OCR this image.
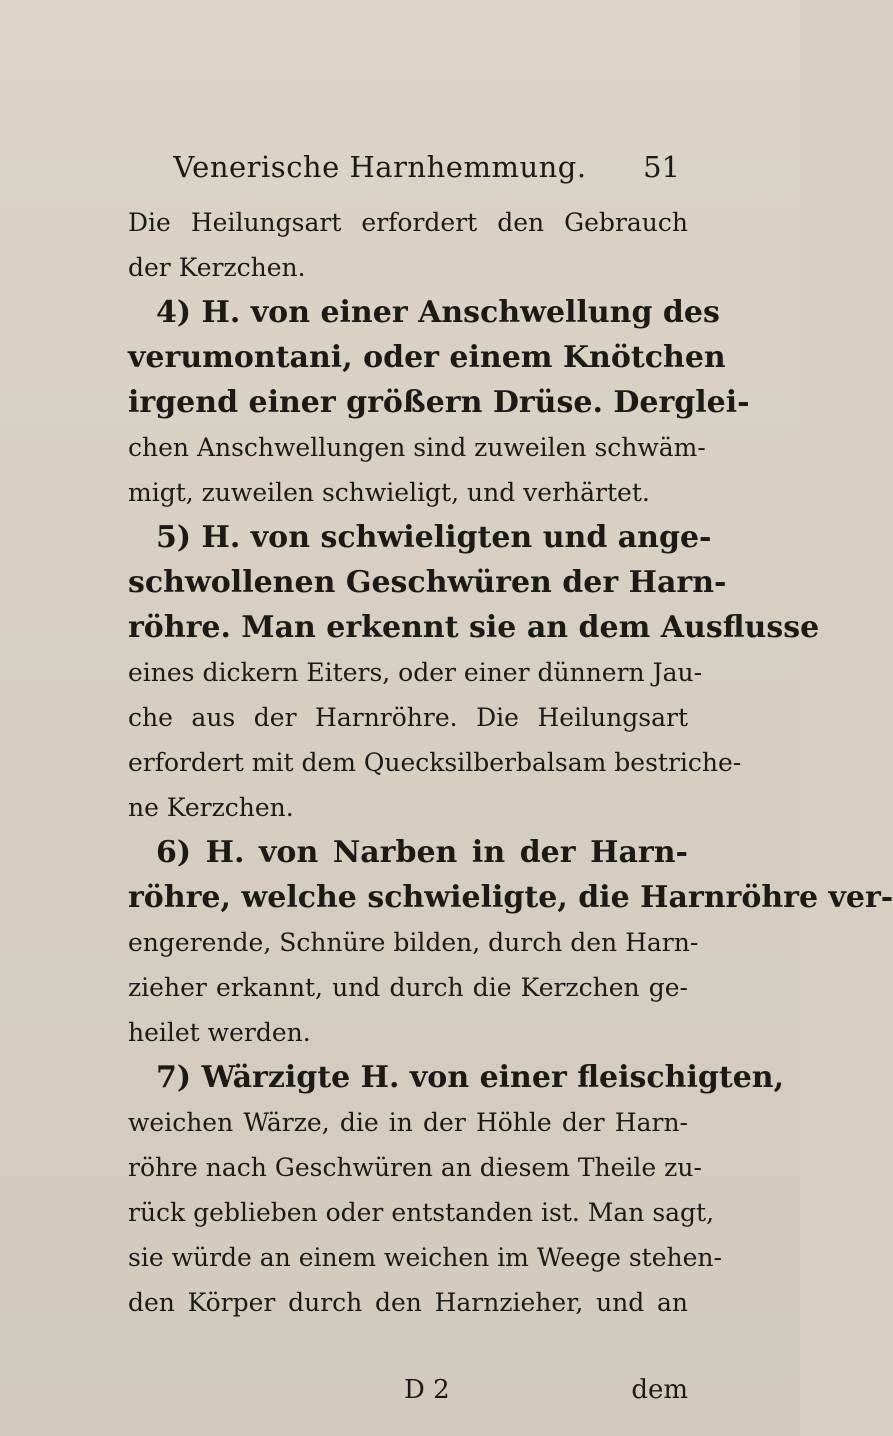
Venerische Harnhemmung.	51
Die Heilungsart erfordert den Gebrauch
der Kerzchen.
4) H. von einer Anschwellung des
verumontani, oder einem Knötchen
irgend einer größern Drüse. Derglei-
chen Anschwellungen sind zuweilen schwäm-
migt, zuweilen schwieligt, und verhärtet.
5) H. von schwieligten und ange-
schwollenen Geschwüren der Harn-
röhre. Man erkennt sie an dem Ausflusse
eines dickern Eiters, oder einer dünnern Jau-
che aus der Harnröhre. Die Heilungsart
erfordert mit dem Quecksilberbalsam bestriche-
ne Kerzchen.
6) H. von Narben in der Harn-
röhre, welche schwieligte, die Harnröhre ver-
engerende, Schnüre bilden, durch den Harn-
zieher erkannt, und durch die Kerzchen ge-
heilet werden.
7) Wärzigte H. von einer fleischigten,
weichen Wärze, die in der Höhle der Harn-
röhre nach Geschwüren an diesem Theile zu-
rück geblieben oder entstanden ist. Man sagt,
sie würde an einem weichen im Weege stehen-
den Körper durch den Harnzieher, und an
D 2	dem
